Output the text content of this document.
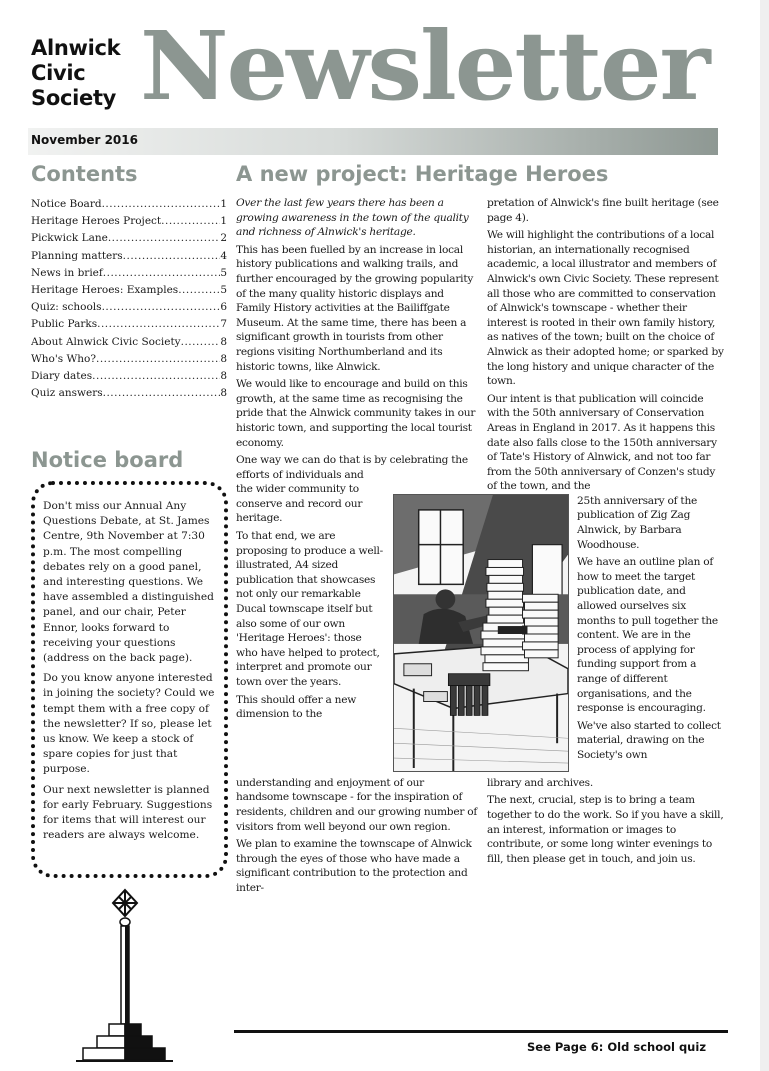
Alnwick
Civic
Society Newsletter
November 2016
Contents
Notice Board .....	1
Heritage Heroes Project .....	1
Pickwick Lane .....	2
Planning matters .....	4
News in brief .....	5
Heritage Heroes: Examples .....	5
Quiz: schools .....	6
Public Parks .....	7
About Alnwick Civic Society .....	8
Who's Who? .....	8
Diary dates .....	8
Quiz answers .....	8
Notice board

Don't miss our Annual Any Questions Debate, at St. James Centre, 9th November at 7:30 p.m. The most compelling debates rely on a good panel, and interesting questions. We have assembled a distinguished panel, and our chair, Peter Ennor, looks forward to receiving your questions (address on the back page).

Do you know anyone interested in joining the society? Could we tempt them with a free copy of the newsletter? If so, please let us know. We keep a stock of spare copies for just that purpose.

Our next newsletter is planned for early February. Suggestions for items that will interest our readers are always welcome.

A new project: Heritage Heroes

Over the last few years there has been a growing awareness in the town of the quality and richness of Alnwick's heritage.

This has been fuelled by an increase in local history publications and walking trails, and further encouraged by the growing popularity of the many quality historic displays and Family History activities at the Bailiffgate Museum. At the same time, there has been a significant growth in tourists from other regions visiting Northumberland and its historic towns, like Alnwick.

We would like to encourage and build on this growth, at the same time as recognising the pride that the Alnwick community takes in our historic town, and supporting the local tourist economy.

One way we can do that is by celebrating the efforts of individuals and

the wider community to conserve and record our heritage.

To that end, we are proposing to produce a well-illustrated, A4 sized publication that showcases not only our remarkable Ducal townscape itself but also some of our own 'Heritage Heroes': those who have helped to protect, interpret and promote our town over the years.

This should offer a new dimension to the

understanding and enjoyment of our handsome townscape - for the inspiration of residents, children and our growing number of visitors from well beyond our own region.

We plan to examine the townscape of Alnwick through the eyes of those who have made a significant contribution to the protection and inter-

pretation of Alnwick's fine built heritage (see page 4).

We will highlight the contributions of a local historian, an internationally recognised academic, a local illustrator and members of Alnwick's own Civic Society. These represent all those who are committed to conservation of Alnwick's townscape - whether their interest is rooted in their own family history, as natives of the town; built on the choice of Alnwick as their adopted home; or sparked by the long history and unique character of the town.

Our intent is that publication will coincide with the 50th anniversary of Conservation Areas in England in 2017. As it happens this date also falls close to the 150th anniversary of Tate's History of Alnwick, and not too far from the 50th anniversary of Conzen's study of the town, and the

25th anniversary of the publication of Zig Zag Alnwick, by Barbara Woodhouse.

We have an outline plan of how to meet the target publication date, and allowed ourselves six months to pull together the content. We are in the process of applying for funding support from a range of different organisations, and the response is encouraging.

We've also started to collect material, drawing on the Society's own

library and archives.

The next, crucial, step is to bring a team together to do the work. So if you have a skill, an interest, information or images to contribute, or some long winter evenings to fill, then please get in touch, and join us.

See Page 6: Old school quiz
